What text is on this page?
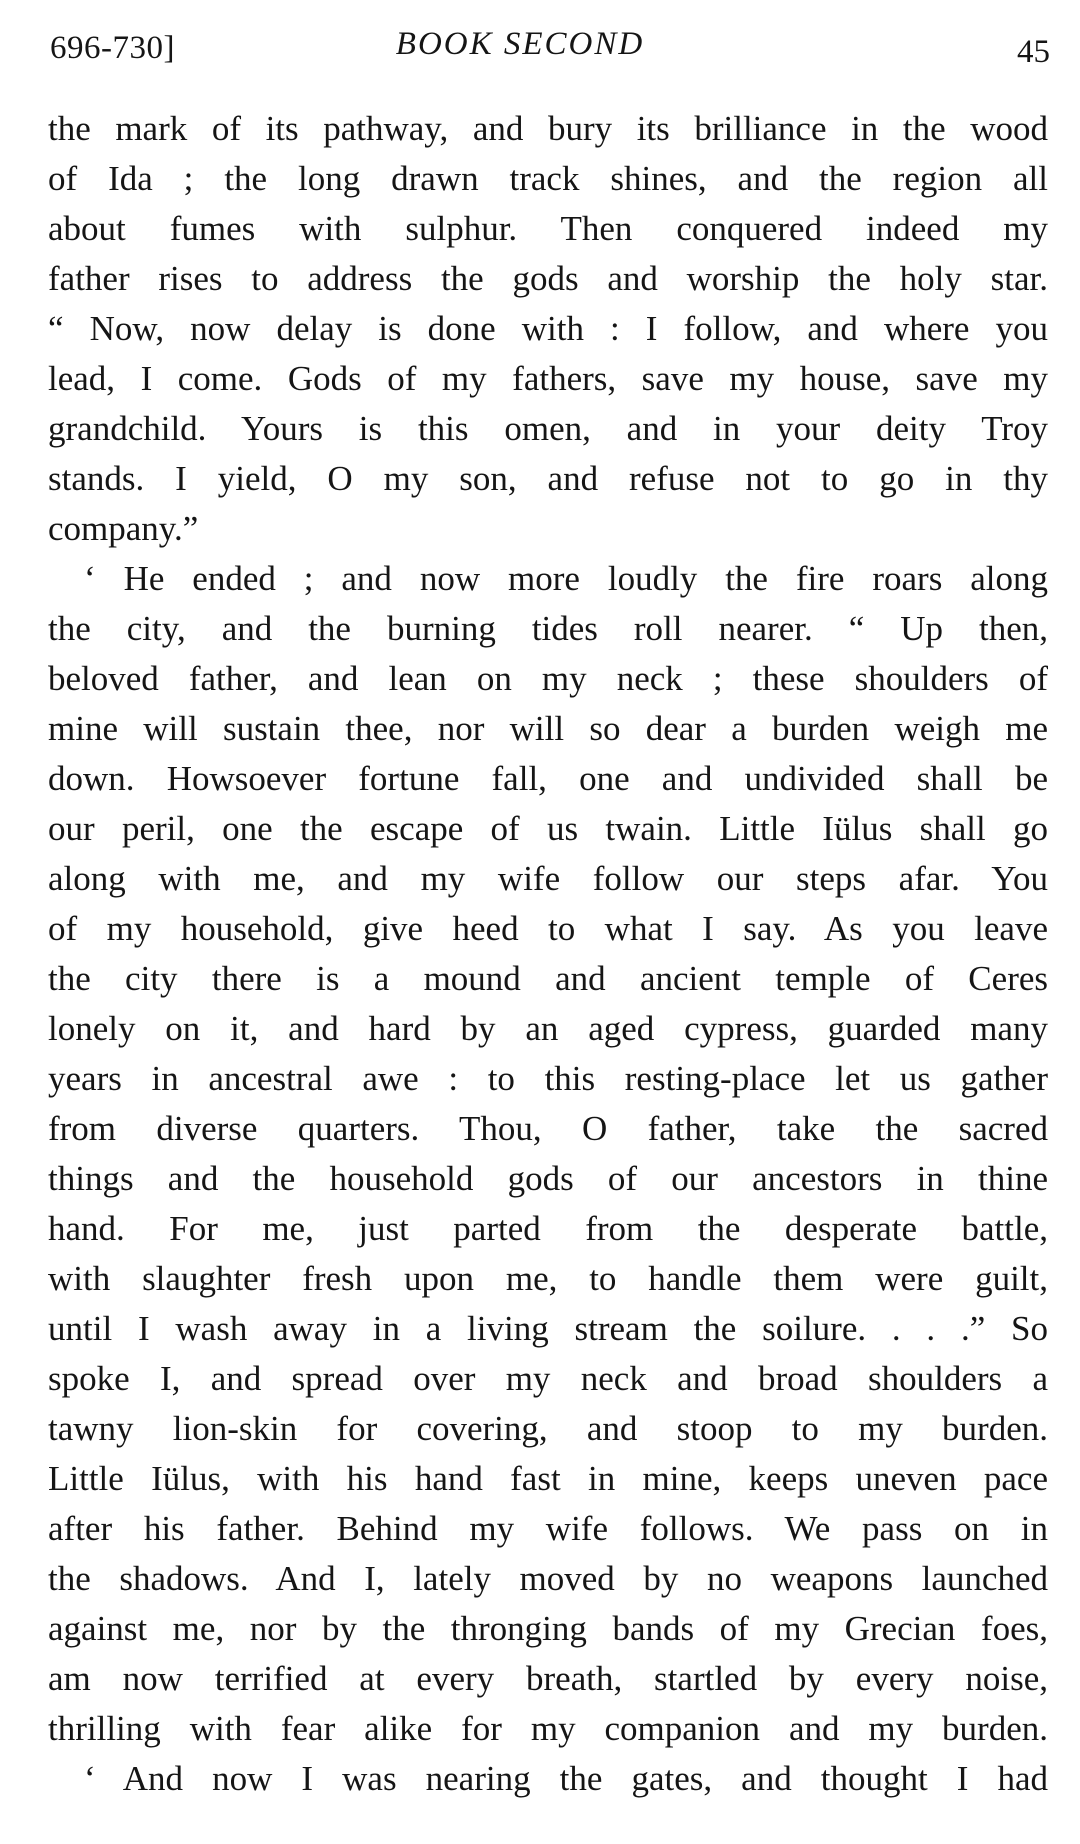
696-730]	BOOK SECOND	45
the mark of its pathway, and bury its brilliance in the wood
of Ida ; the long drawn track shines, and the region all
about fumes with sulphur. Then conquered indeed my
father rises to address the gods and worship the holy star.
“ Now, now delay is done with : I follow, and where you
lead, I come. Gods of my fathers, save my house, save my
grandchild. Yours is this omen, and in your deity Troy
stands. I yield, O my son, and refuse not to go in thy
company.”
‘ He ended ; and now more loudly the fire roars along
the city, and the burning tides roll nearer. “ Up then,
beloved father, and lean on my neck ; these shoulders of
mine will sustain thee, nor will so dear a burden weigh me
down. Howsoever fortune fall, one and undivided shall be
our peril, one the escape of us twain. Little Iülus shall go
along with me, and my wife follow our steps afar. You
of my household, give heed to what I say. As you leave
the city there is a mound and ancient temple of Ceres
lonely on it, and hard by an aged cypress, guarded many
years in ancestral awe : to this resting-place let us gather
from diverse quarters. Thou, O father, take the sacred
things and the household gods of our ancestors in thine
hand. For me, just parted from the desperate battle,
with slaughter fresh upon me, to handle them were guilt,
until I wash away in a living stream the soilure. . . .” So
spoke I, and spread over my neck and broad shoulders a
tawny lion-skin for covering, and stoop to my burden.
Little Iülus, with his hand fast in mine, keeps uneven pace
after his father. Behind my wife follows. We pass on in
the shadows. And I, lately moved by no weapons launched
against me, nor by the thronging bands of my Grecian foes,
am now terrified at every breath, startled by every noise,
thrilling with fear alike for my companion and my burden.
‘ And now I was nearing the gates, and thought I had
